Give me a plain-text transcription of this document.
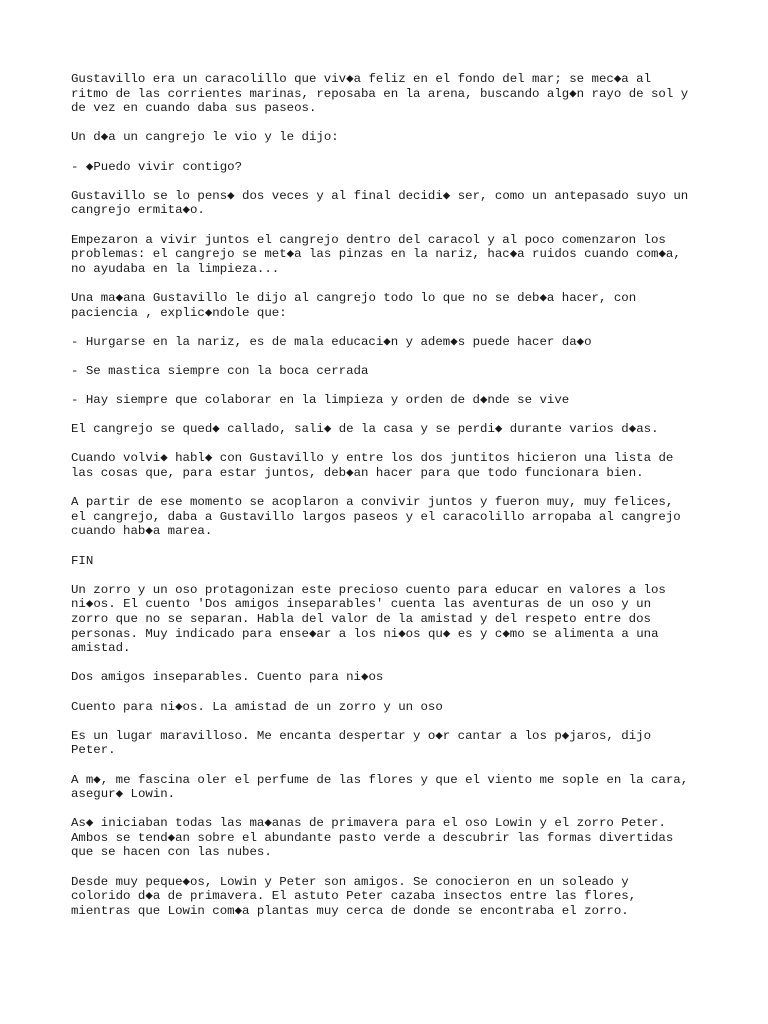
Gustavillo era un caracolillo que viv◆a feliz en el fondo del mar; se mec◆a al
ritmo de las corrientes marinas, reposaba en la arena, buscando alg◆n rayo de sol y
de vez en cuando daba sus paseos.

Un d◆a un cangrejo le vio y le dijo:

- ◆Puedo vivir contigo?

Gustavillo se lo pens◆ dos veces y al final decidi◆ ser, como un antepasado suyo un
cangrejo ermita◆o.

Empezaron a vivir juntos el cangrejo dentro del caracol y al poco comenzaron los
problemas: el cangrejo se met◆a las pinzas en la nariz, hac◆a ruidos cuando com◆a,
no ayudaba en la limpieza...

Una ma◆ana Gustavillo le dijo al cangrejo todo lo que no se deb◆a hacer, con
paciencia , explic◆ndole que:

- Hurgarse en la nariz, es de mala educaci◆n y adem◆s puede hacer da◆o

- Se mastica siempre con la boca cerrada

- Hay siempre que colaborar en la limpieza y orden de d◆nde se vive

El cangrejo se qued◆ callado, sali◆ de la casa y se perdi◆ durante varios d◆as.

Cuando volvi◆ habl◆ con Gustavillo y entre los dos juntitos hicieron una lista de
las cosas que, para estar juntos, deb◆an hacer para que todo funcionara bien.

A partir de ese momento se acoplaron a convivir juntos y fueron muy, muy felices,
el cangrejo, daba a Gustavillo largos paseos y el caracolillo arropaba al cangrejo
cuando hab◆a marea.

FIN

Un zorro y un oso protagonizan este precioso cuento para educar en valores a los
ni◆os. El cuento 'Dos amigos inseparables' cuenta las aventuras de un oso y un
zorro que no se separan. Habla del valor de la amistad y del respeto entre dos
personas. Muy indicado para ense◆ar a los ni◆os qu◆ es y c◆mo se alimenta a una
amistad.

Dos amigos inseparables. Cuento para ni◆os

Cuento para ni◆os. La amistad de un zorro y un oso

Es un lugar maravilloso. Me encanta despertar y o◆r cantar a los p◆jaros, dijo
Peter.

A m◆, me fascina oler el perfume de las flores y que el viento me sople en la cara,
asegur◆ Lowin.

As◆ iniciaban todas las ma◆anas de primavera para el oso Lowin y el zorro Peter.
Ambos se tend◆an sobre el abundante pasto verde a descubrir las formas divertidas
que se hacen con las nubes.

Desde muy peque◆os, Lowin y Peter son amigos. Se conocieron en un soleado y
colorido d◆a de primavera. El astuto Peter cazaba insectos entre las flores,
mientras que Lowin com◆a plantas muy cerca de donde se encontraba el zorro.
